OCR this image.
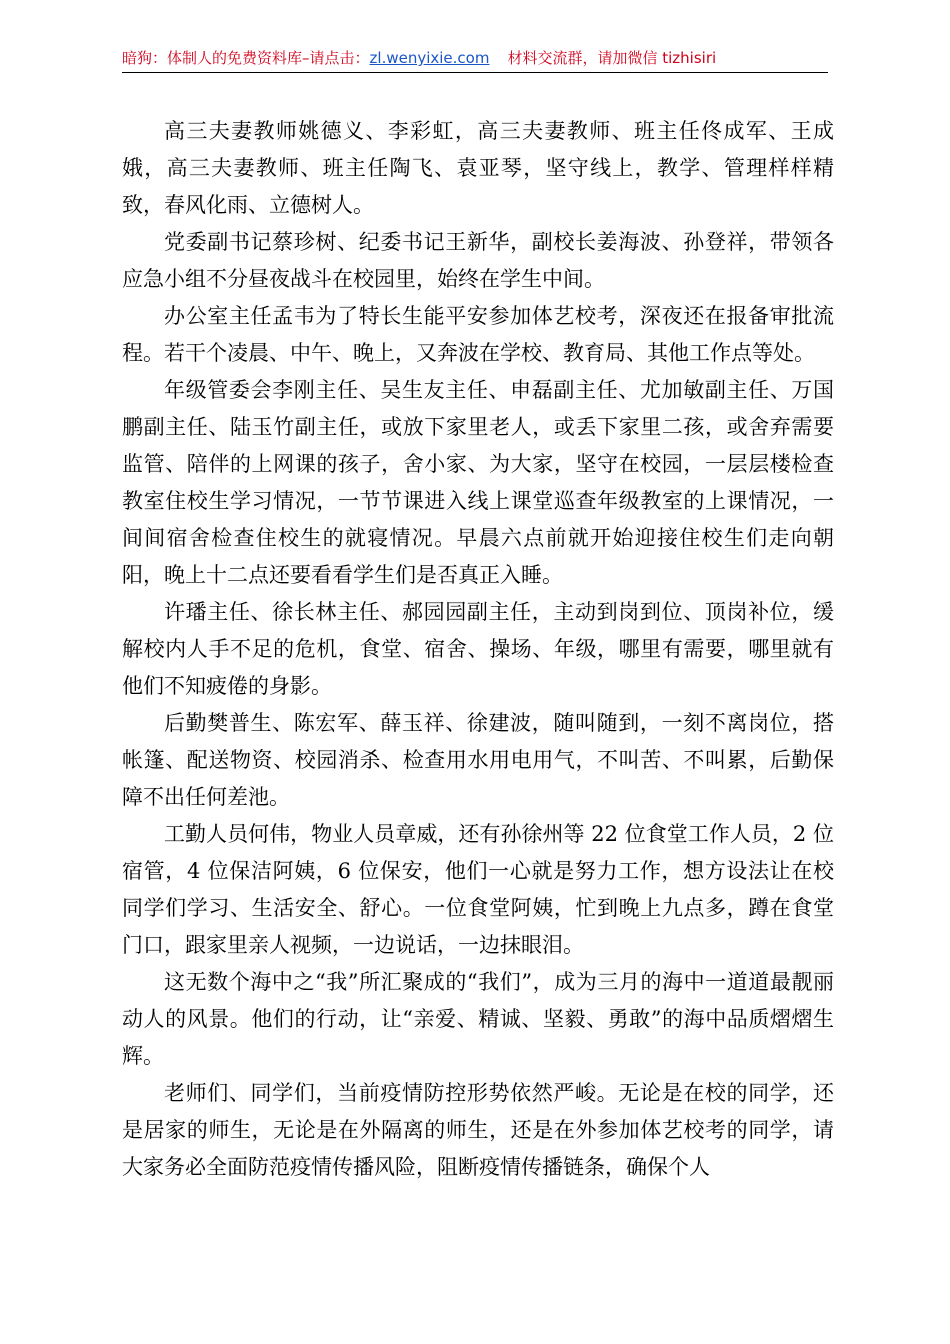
暗狗：体制人的免费资料库–请点击：zl.wenyixie.com 材料交流群，请加微信 tizhisiri

高三夫妻教师姚德义、李彩虹，高三夫妻教师、班主任佟成军、王成娥，高三夫妻教师、班主任陶飞、袁亚琴，坚守线上，教学、管理样样精致，春风化雨、立德树人。

党委副书记蔡珍树、纪委书记王新华，副校长姜海波、孙登祥，带领各应急小组不分昼夜战斗在校园里，始终在学生中间。

办公室主任孟韦为了特长生能平安参加体艺校考，深夜还在报备审批流程。若干个凌晨、中午、晚上，又奔波在学校、教育局、其他工作点等处。

年级管委会李刚主任、吴生友主任、申磊副主任、尤加敏副主任、万国鹏副主任、陆玉竹副主任，或放下家里老人，或丢下家里二孩，或舍弃需要监管、陪伴的上网课的孩子，舍小家、为大家，坚守在校园，一层层楼检查教室住校生学习情况，一节节课进入线上课堂巡查年级教室的上课情况，一间间宿舍检查住校生的就寝情况。早晨六点前就开始迎接住校生们走向朝阳，晚上十二点还要看看学生们是否真正入睡。

许璠主任、徐长林主任、郝园园副主任，主动到岗到位、顶岗补位，缓解校内人手不足的危机，食堂、宿舍、操场、年级，哪里有需要，哪里就有他们不知疲倦的身影。

后勤樊普生、陈宏军、薛玉祥、徐建波，随叫随到，一刻不离岗位，搭帐篷、配送物资、校园消杀、检查用水用电用气，不叫苦、不叫累，后勤保障不出任何差池。

工勤人员何伟，物业人员章威，还有孙徐州等 22 位食堂工作人员，2 位宿管，4 位保洁阿姨，6 位保安，他们一心就是努力工作，想方设法让在校同学们学习、生活安全、舒心。一位食堂阿姨，忙到晚上九点多，蹲在食堂门口，跟家里亲人视频，一边说话，一边抹眼泪。

这无数个海中之“我”所汇聚成的“我们”，成为三月的海中一道道最靓丽动人的风景。他们的行动，让“亲爱、精诚、坚毅、勇敢”的海中品质熠熠生辉。

老师们、同学们，当前疫情防控形势依然严峻。无论是在校的同学，还是居家的师生，无论是在外隔离的师生，还是在外参加体艺校考的同学，请大家务必全面防范疫情传播风险，阻断疫情传播链条，确保个人
